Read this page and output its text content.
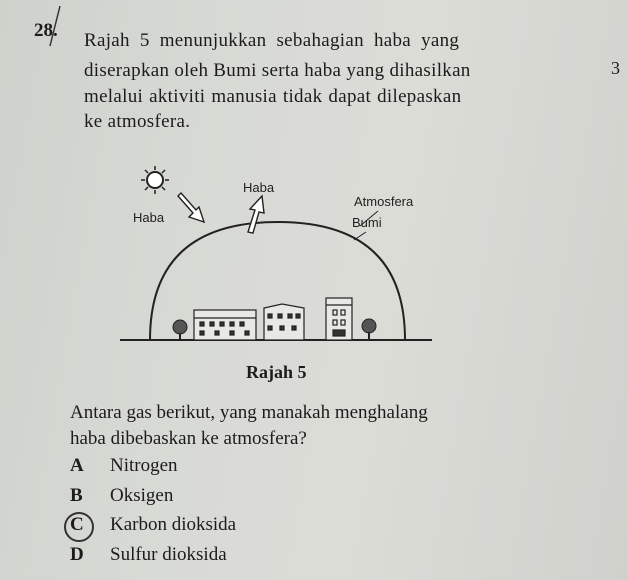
Haba
Haba
Atmosfera
Bumi
28. Rajah 5 menunjukkan sebahagian haba yang
diserapkan oleh Bumi serta haba yang dihasilkan
melalui aktiviti manusia tidak dapat dilepaskan
ke atmosfera.
3
Rajah 5
Antara gas berikut, yang manakah menghalang
haba dibebaskan ke atmosfera?
A Nitrogen
B Oksigen
C Karbon dioksida
D Sulfur dioksida
